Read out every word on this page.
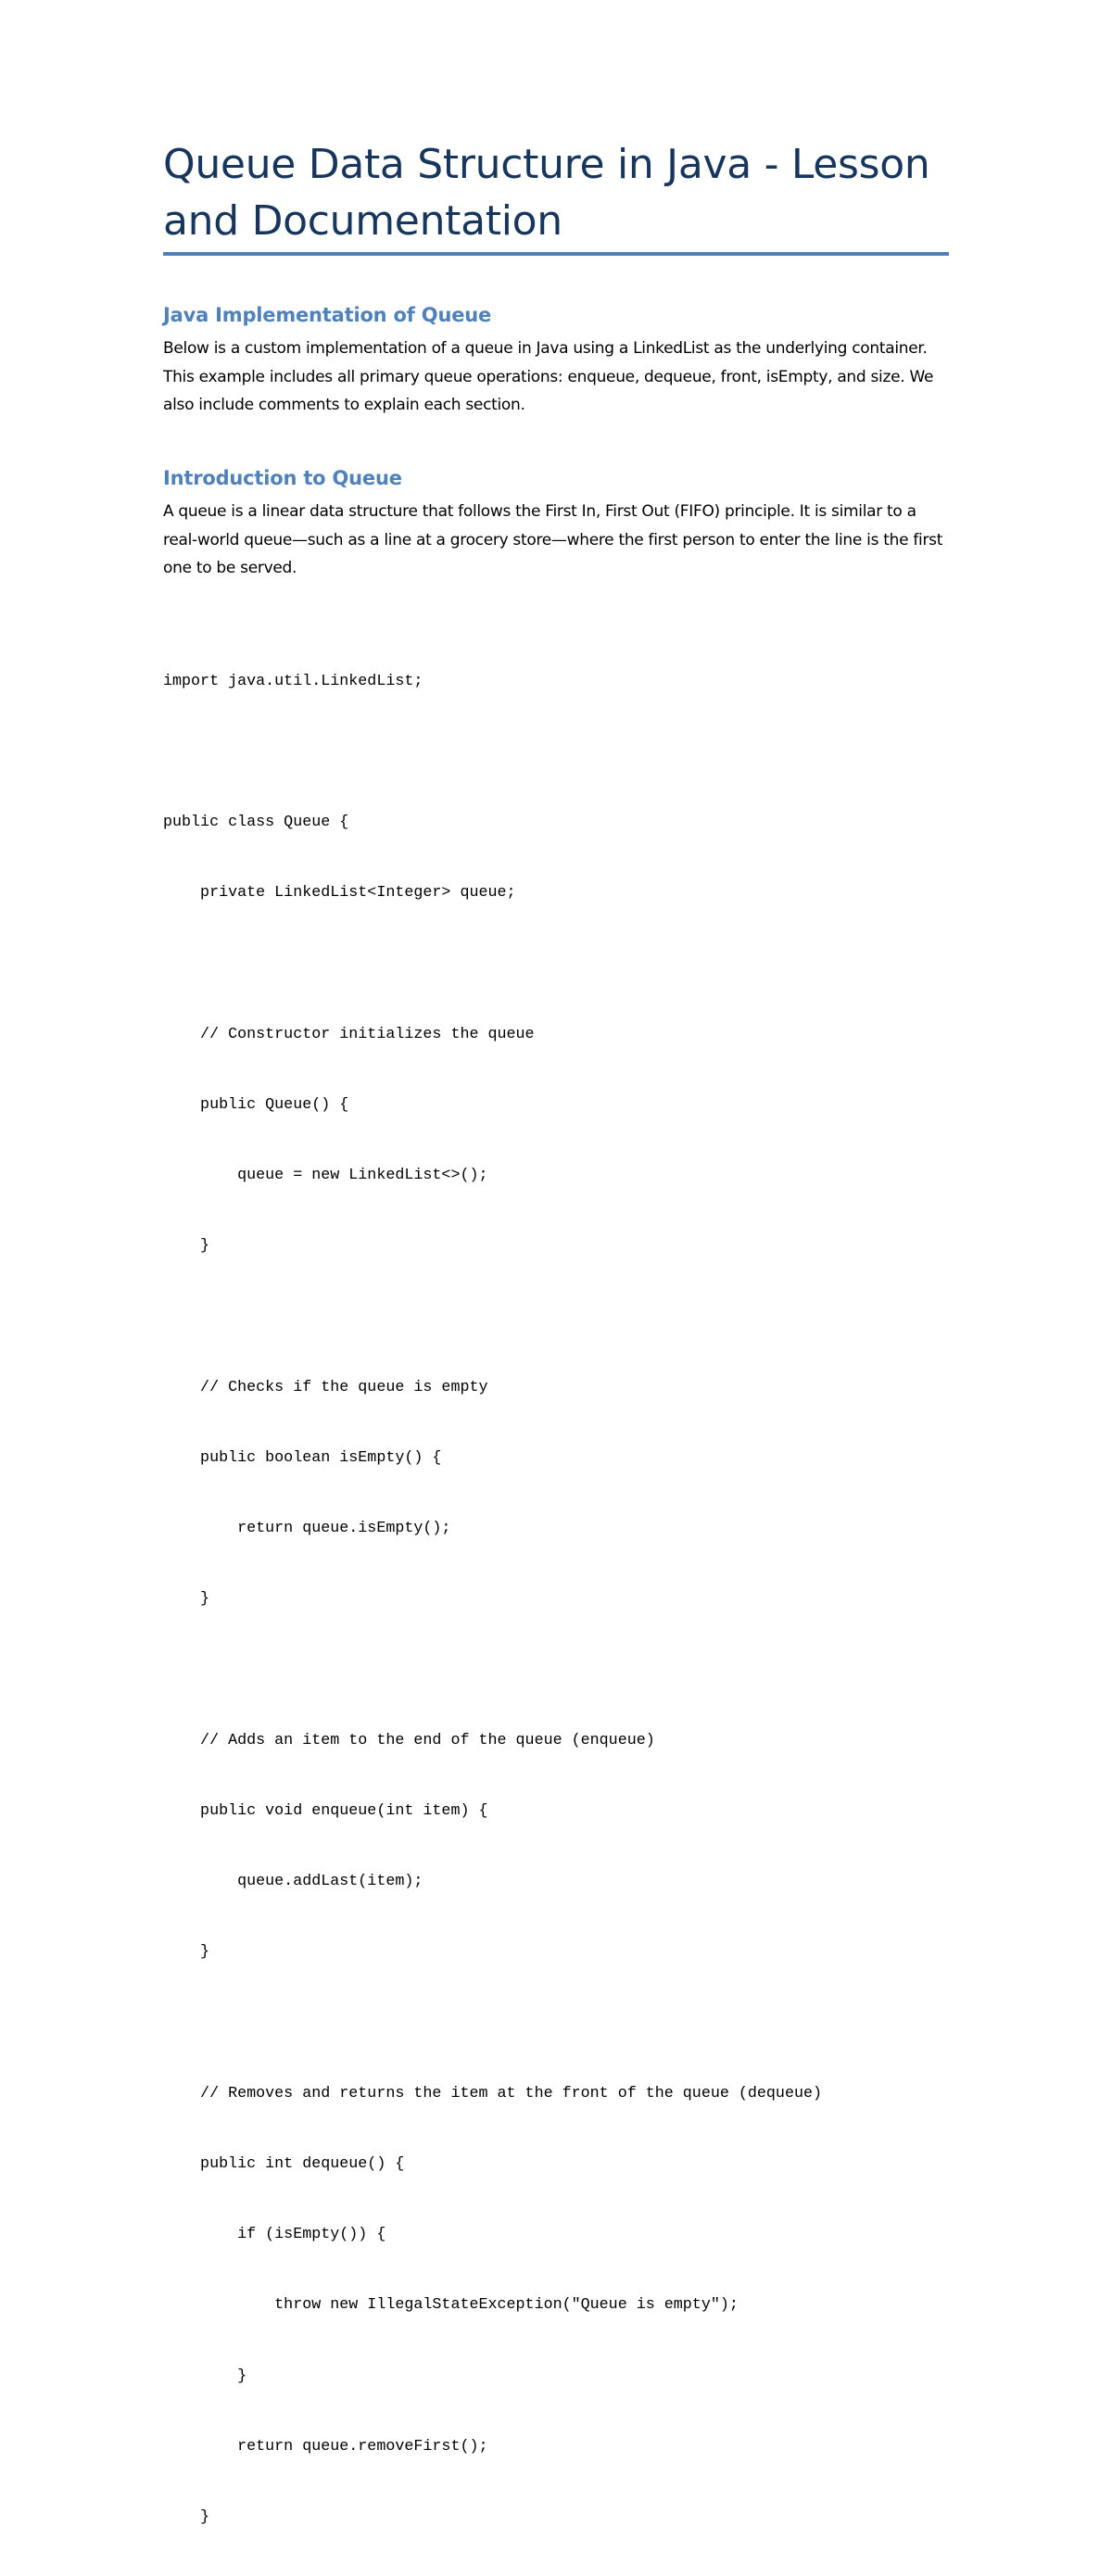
Queue Data Structure in Java - Lesson and Documentation
Java Implementation of Queue

Below is a custom implementation of a queue in Java using a LinkedList as the underlying container. This example includes all primary queue operations: enqueue, dequeue, front, isEmpty, and size. We also include comments to explain each section.

Introduction to Queue

A queue is a linear data structure that follows the First In, First Out (FIFO) principle. It is similar to a real-world queue—such as a line at a grocery store—where the first person to enter the line is the first one to be served.

import java.util.LinkedList;

public class Queue {

private LinkedList<Integer> queue;

// Constructor initializes the queue

public Queue() {

queue = new LinkedList<>();

}

// Checks if the queue is empty

public boolean isEmpty() {

return queue.isEmpty();

}

// Adds an item to the end of the queue (enqueue)

public void enqueue(int item) {

queue.addLast(item);

}

// Removes and returns the item at the front of the queue (dequeue)

public int dequeue() {

if (isEmpty()) {

throw new IllegalStateException("Queue is empty");

}

return queue.removeFirst();

}
